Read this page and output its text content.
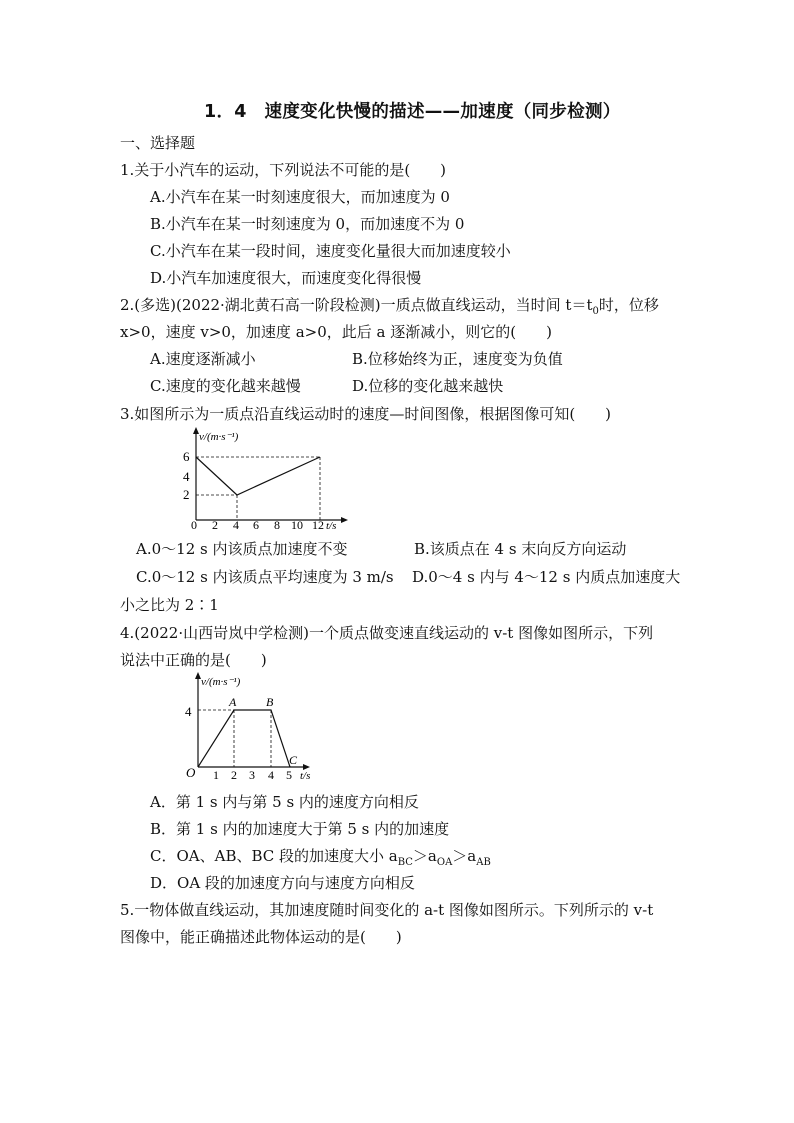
1．4　速度变化快慢的描述——加速度（同步检测）
一、选择题
1.关于小汽车的运动，下列说法不可能的是(　　)
A.小汽车在某一时刻速度很大，而加速度为 0
B.小汽车在某一时刻速度为 0，而加速度不为 0
C.小汽车在某一段时间，速度变化量很大而加速度较小
D.小汽车加速度很大，而速度变化得很慢
2.(多选)(2022·湖北黄石高一阶段检测)一质点做直线运动，当时间 $t=t_0$时，位移
x>0，速度 v>0，加速度 a>0，此后 a 逐渐减小，则它的(　　)
A.速度逐渐减小	B.位移始终为正，速度变为负值
C.速度的变化越来越慢	D.位移的变化越来越快
3.如图所示为一质点沿直线运动时的速度—时间图像，根据图像可知(　　)
v/(m·s⁻¹)
6
4
2
0 2 4 6 8 10 12 t/s
A.0～12 s 内该质点加速度不变	B.该质点在 4 s 末向反方向运动
C.0～12 s 内该质点平均速度为 3 m/s D.0～4 s 内与 4～12 s 内质点加速度大
小之比为 2∶1
4.(2022·山西岢岚中学检测)一个质点做变速直线运动的 v-t 图像如图所示，下列
说法中正确的是(　　)
v/(m·s⁻¹)
4
A B
C
O 1 2 3 4 5 t/s
A．第 1 s 内与第 5 s 内的速度方向相反
B．第 1 s 内的加速度大于第 5 s 内的加速度
C．OA、AB、BC 段的加速度大小 $a_{BC}>a_{OA}>a_{AB}$
D．OA 段的加速度方向与速度方向相反
5.一物体做直线运动，其加速度随时间变化的 a-t 图像如图所示。下列所示的 v-t
图像中，能正确描述此物体运动的是(　　)
